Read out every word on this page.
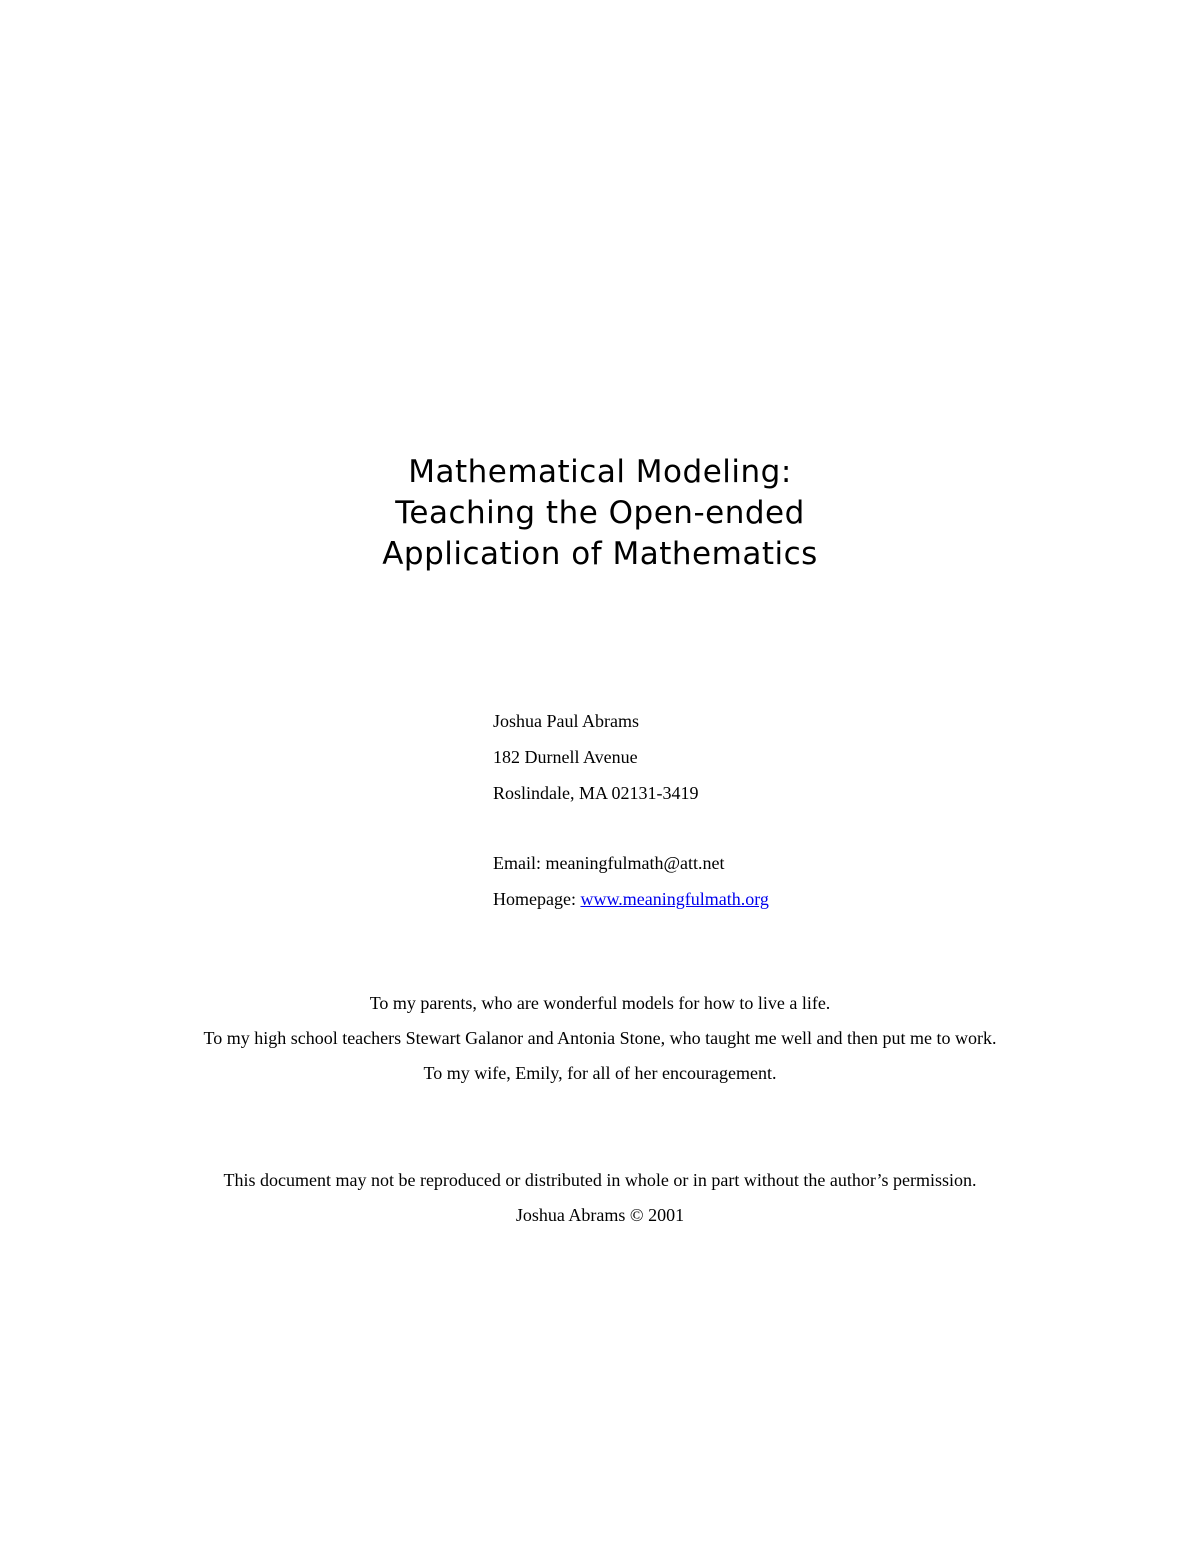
Mathematical Modeling:
Teaching the Open-ended
Application of Mathematics
Joshua Paul Abrams
182 Durnell Avenue
Roslindale, MA 02131-3419
Email: meaningfulmath@att.net
Homepage: www.meaningfulmath.org
To my parents, who are wonderful models for how to live a life.
To my high school teachers Stewart Galanor and Antonia Stone, who taught me well and then put me to work.
To my wife, Emily, for all of her encouragement.
This document may not be reproduced or distributed in whole or in part without the author’s permission.
Joshua Abrams © 2001
